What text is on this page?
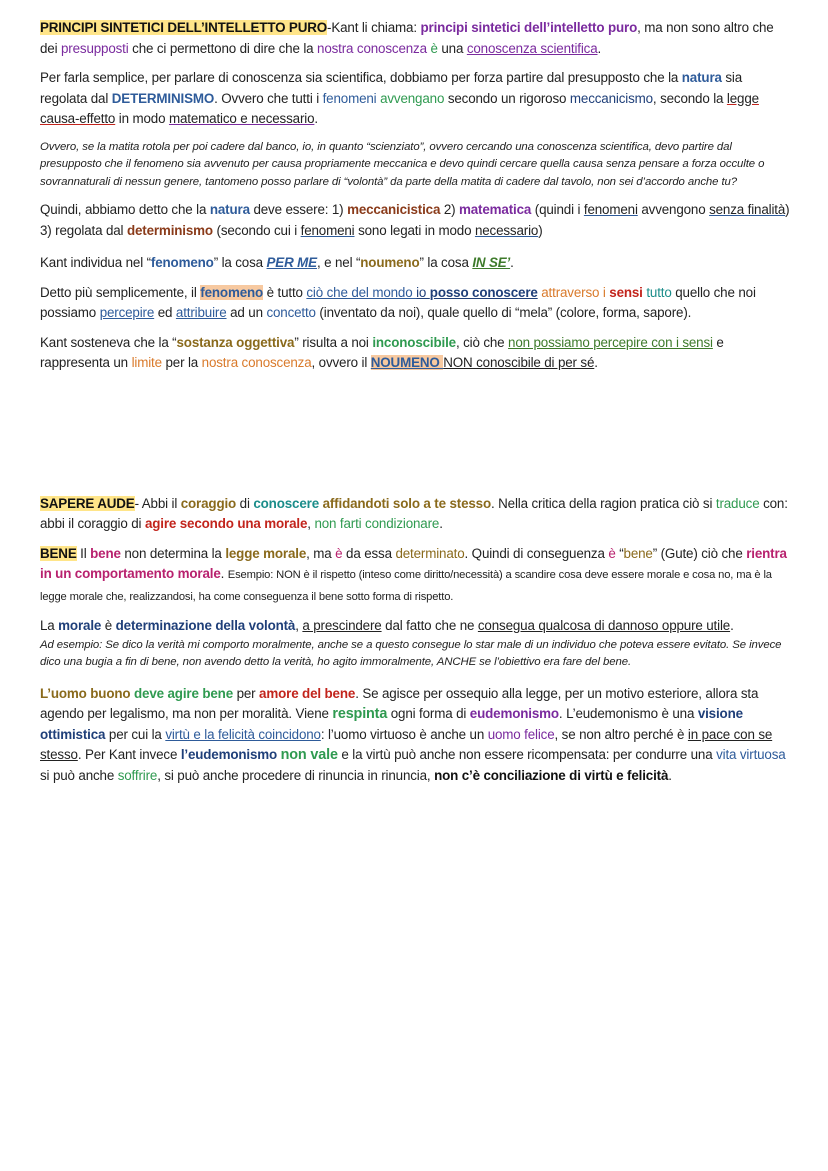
PRINCIPI SINTETICI DELL’INTELLETTO PURO-Kant li chiama: principi sintetici dell’intelletto puro, ma non sono altro che dei presupposti che ci permettono di dire che la nostra conoscenza è una conoscenza scientifica.

Per farla semplice, per parlare di conoscenza sia scientifica, dobbiamo per forza partire dal presupposto che la natura sia regolata dal DETERMINISMO. Ovvero che tutti i fenomeni avvengano secondo un rigoroso meccanicismo, secondo la legge causa-effetto in modo matematico e necessario.

Ovvero, se la matita rotola per poi cadere dal banco, io, in quanto “scienziato”, ovvero cercando una conoscenza scientifica, devo partire dal presupposto che il fenomeno sia avvenuto per causa propriamente meccanica e devo quindi cercare quella causa senza pensare a forza occulte o sovrannaturali di nessun genere, tantomeno posso parlare di “volontà” da parte della matita di cadere dal tavolo, non sei d’accordo anche tu?

Quindi, abbiamo detto che la natura deve essere: 1) meccanicistica 2) matematica (quindi i fenomeni avvengono senza finalità) 3) regolata dal determinismo (secondo cui i fenomeni sono legati in modo necessario)

Kant individua nel “fenomeno” la cosa PER ME, e nel “noumeno” la cosa IN SE’.

Detto più semplicemente, il fenomeno è tutto ciò che del mondo io posso conoscere attraverso i sensi tutto quello che noi possiamo percepire ed attribuire ad un concetto (inventato da noi), quale quello di “mela” (colore, forma, sapore).

Kant sosteneva che la “sostanza oggettiva” risulta a noi inconoscibile, ciò che non possiamo percepire con i sensi e rappresenta un limite per la nostra conoscenza, ovvero il NOUMENO NON conoscibile di per sé.

SAPERE AUDE- Abbi il coraggio di conoscere affidandoti solo a te stesso. Nella critica della ragion pratica ciò si traduce con: abbi il coraggio di agire secondo una morale, non farti condizionare.

BENE Il bene non determina la legge morale, ma è da essa determinato. Quindi di conseguenza è “bene” (Gute) ciò che rientra in un comportamento morale. Esempio: NON è il rispetto (inteso come diritto/necessità) a scandire cosa deve essere morale e cosa no, ma è la legge morale che, realizzandosi, ha come conseguenza il bene sotto forma di rispetto.

La morale è determinazione della volontà, a prescindere dal fatto che ne consegua qualcosa di dannoso oppure utile.

Ad esempio: Se dico la verità mi comporto moralmente, anche se a questo consegue lo star male di un individuo che poteva essere evitato. Se invece dico una bugia a fin di bene, non avendo detto la verità, ho agito immoralmente, ANCHE se l’obiettivo era fare del bene.

L’uomo buono deve agire bene per amore del bene. Se agisce per ossequio alla legge, per un motivo esteriore, allora sta agendo per legalismo, ma non per moralità. Viene respinta ogni forma di eudemonismo. L’eudemonismo è una visione ottimistica per cui la virtù e la felicità coincidono: l’uomo virtuoso è anche un uomo felice, se non altro perché è in pace con se stesso. Per Kant invece l’eudemonismo non vale e la virtù può anche non essere ricompensata: per condurre una vita virtuosa si può anche soffrire, si può anche procedere di rinuncia in rinuncia, non c’è conciliazione di virtù e felicità.
